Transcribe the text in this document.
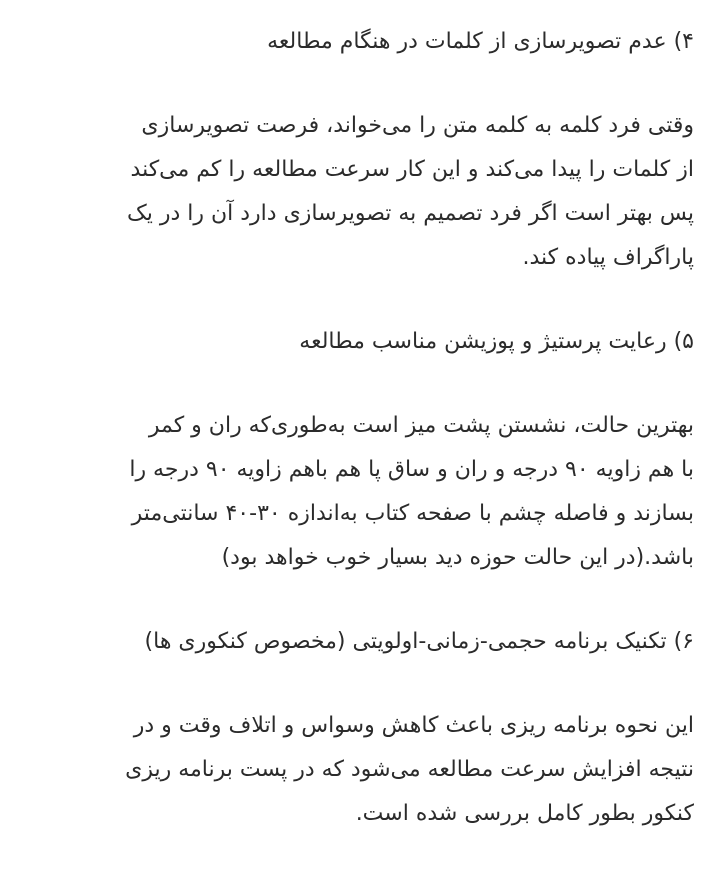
۴) عدم تصویرسازی از کلمات در هنگام مطالعه

وقتی فرد کلمه به کلمه متن را می‌خواند، فرصت تصویرسازی
از کلمات را پیدا می‌کند و این کار سرعت مطالعه را کم می‌کند
پس بهتر است اگر فرد تصمیم به تصویرسازی دارد آن را در یک
پاراگراف پیاده کند.

۵) رعایت پرستیژ و پوزیشن مناسب مطالعه

بهترین حالت، نشستن پشت میز است به‌طوری‌که ران و کمر
با هم زاویه ۹۰ درجه و ران و ساق پا هم باهم زاویه ۹۰ درجه را
بسازند و فاصله چشم با صفحه کتاب به‌اندازه ۳۰-۴۰ سانتی‌متر
باشد.(در این حالت حوزه دید بسیار خوب خواهد بود)

۶) تکنیک برنامه حجمی-زمانی-اولویتی (مخصوص کنکوری ها)

این نحوه برنامه ریزی باعث کاهش وسواس و اتلاف وقت و در
نتیجه افزایش سرعت مطالعه می‌شود که در پست برنامه ریزی
کنکور بطور کامل بررسی شده است.
